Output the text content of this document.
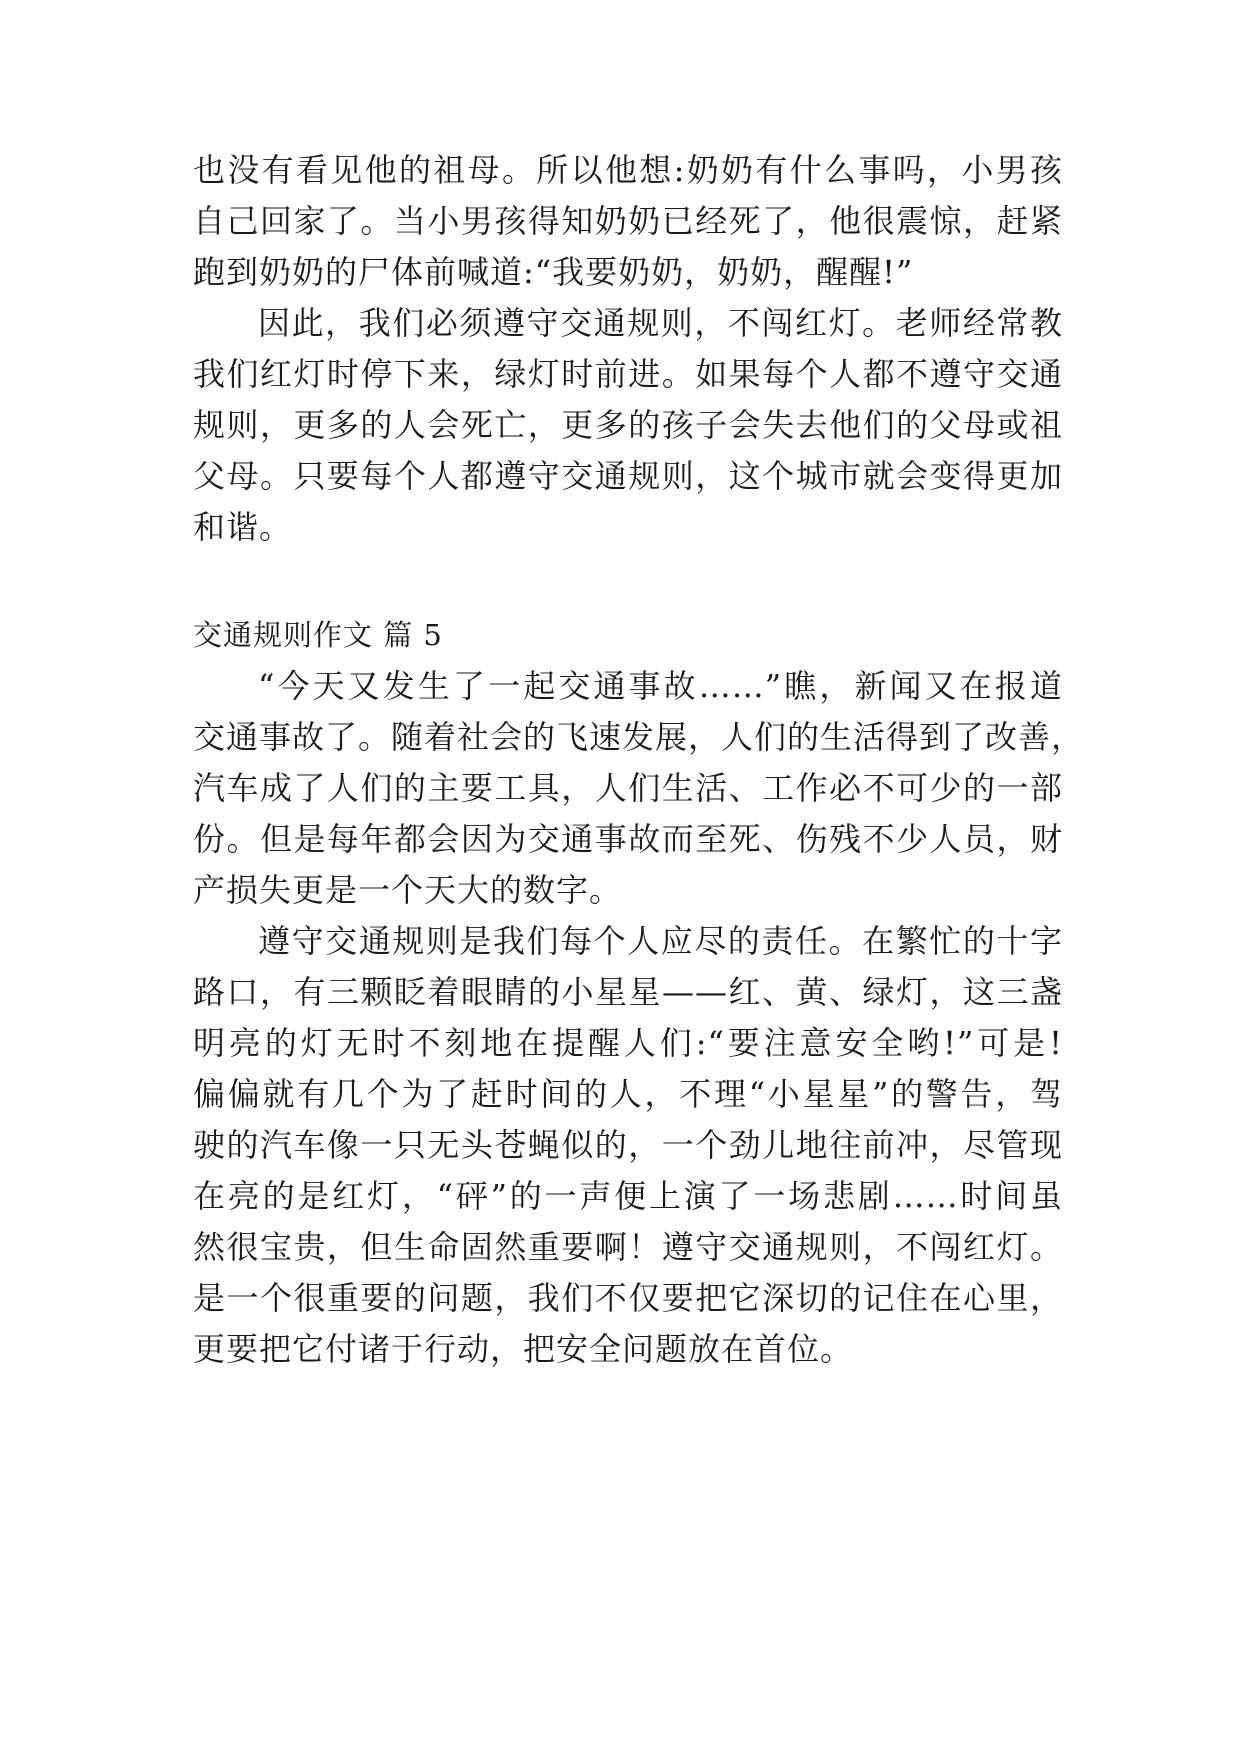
也没有看见他的祖母。所以他想:奶奶有什么事吗，小男孩
自己回家了。当小男孩得知奶奶已经死了，他很震惊，赶紧
跑到奶奶的尸体前喊道:“我要奶奶，奶奶，醒醒!”
因此，我们必须遵守交通规则，不闯红灯。老师经常教
我们红灯时停下来，绿灯时前进。如果每个人都不遵守交通
规则，更多的人会死亡，更多的孩子会失去他们的父母或祖
父母。只要每个人都遵守交通规则，这个城市就会变得更加
和谐。
交通规则作文 篇 5
“今天又发生了一起交通事故……”瞧，新闻又在报道
交通事故了。随着社会的飞速发展，人们的生活得到了改善，
汽车成了人们的主要工具，人们生活、工作必不可少的一部
份。但是每年都会因为交通事故而至死、伤残不少人员，财
产损失更是一个天大的数字。
遵守交通规则是我们每个人应尽的责任。在繁忙的十字
路口，有三颗眨着眼睛的小星星——红、黄、绿灯，这三盏
明亮的灯无时不刻地在提醒人们:“要注意安全哟!”可是!
偏偏就有几个为了赶时间的人，不理“小星星”的警告，驾
驶的汽车像一只无头苍蝇似的，一个劲儿地往前冲，尽管现
在亮的是红灯，“砰”的一声便上演了一场悲剧……时间虽
然很宝贵，但生命固然重要啊！遵守交通规则，不闯红灯。
是一个很重要的问题，我们不仅要把它深切的记住在心里，
更要把它付诸于行动，把安全问题放在首位。
